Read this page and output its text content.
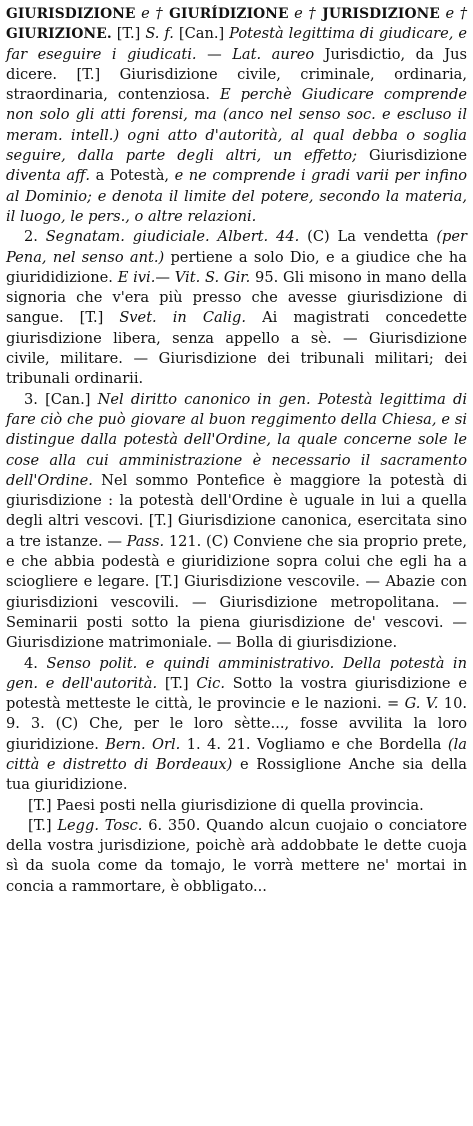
GIURISDIZIONE e † GIURÍDIZIONE e † JURISDIZIONE e † GIURIZIONE. [T.] S. f. [Can.] Potestà legittima di giudicare, e far eseguire i giudicati. — Lat. aureo Jurisdictio, da Jus dicere. [T.] Giurisdizione civile, criminale, ordinaria, straordinaria, contenziosa. E perchè Giudicare comprende non solo gli atti forensi, ma (anco nel senso soc. e escluso il meram. intell.) ogni atto d'autorità, al qual debba o soglia seguire, dalla parte degli altri, un effetto; Giurisdizione diventa aff. a Potestà, e ne comprende i gradi varii per infino al Dominio; e denota il limite del potere, secondo la materia, il luogo, le pers., o altre relazioni.

2. Segnatam. giudiciale. Albert. 44. (C) La vendetta (per Pena, nel senso ant.) pertiene a solo Dio, e a giudice che ha giurididizione. E ivi.— Vit. S. Gir. 95. Gli misono in mano della signoria che v'era più presso che avesse giurisdizione di sangue. [T.] Svet. in Calig. Ai magistrati concedette giurisdizione libera, senza appello a sè. — Giurisdizione civile, militare. — Giurisdizione dei tribunali militari; dei tribunali ordinarii.

3. [Can.] Nel diritto canonico in gen. Potestà legittima di fare ciò che può giovare al buon reggimento della Chiesa, e si distingue dalla potestà dell'Ordine, la quale concerne sole le cose alla cui amministrazione è necessario il sacramento dell'Ordine. Nel sommo Pontefice è maggiore la potestà di giurisdizione : la potestà dell'Ordine è uguale in lui a quella degli altri vescovi. [T.] Giurisdizione canonica, esercitata sino a tre istanze. — Pass. 121. (C) Conviene che sia proprio prete, e che abbia podestà e giuridizione sopra colui che egli ha a sciogliere e legare. [T.] Giurisdizione vescovile. — Abazie con giurisdizioni vescovili. — Giurisdizione metropolitana. — Seminarii posti sotto la piena giurisdizione de' vescovi. — Giurisdizione matrimoniale. — Bolla di giurisdizione.

4. Senso polit. e quindi amministrativo. Della potestà in gen. e dell'autorità. [T.] Cic. Sotto la vostra giurisdizione e potestà metteste le città, le provincie e le nazioni. = G. V. 10. 9. 3. (C) Che, per le loro sètte..., fosse avvilita la loro giuridizione. Bern. Orl. 1. 4. 21. Vogliamo e che Bordella (la città e distretto di Bordeaux) e Rossiglione Anche sia della tua giuridizione.

[T.] Paesi posti nella giurisdizione di quella provincia.

[T.] Legg. Tosc. 6. 350. Quando alcun cuojaio o conciatore della vostra jurisdizione, poichè arà addobbate le dette cuoja sì da suola come da tomajo, le vorrà mettere ne' mortai in concia a rammortare, è obbligato...
